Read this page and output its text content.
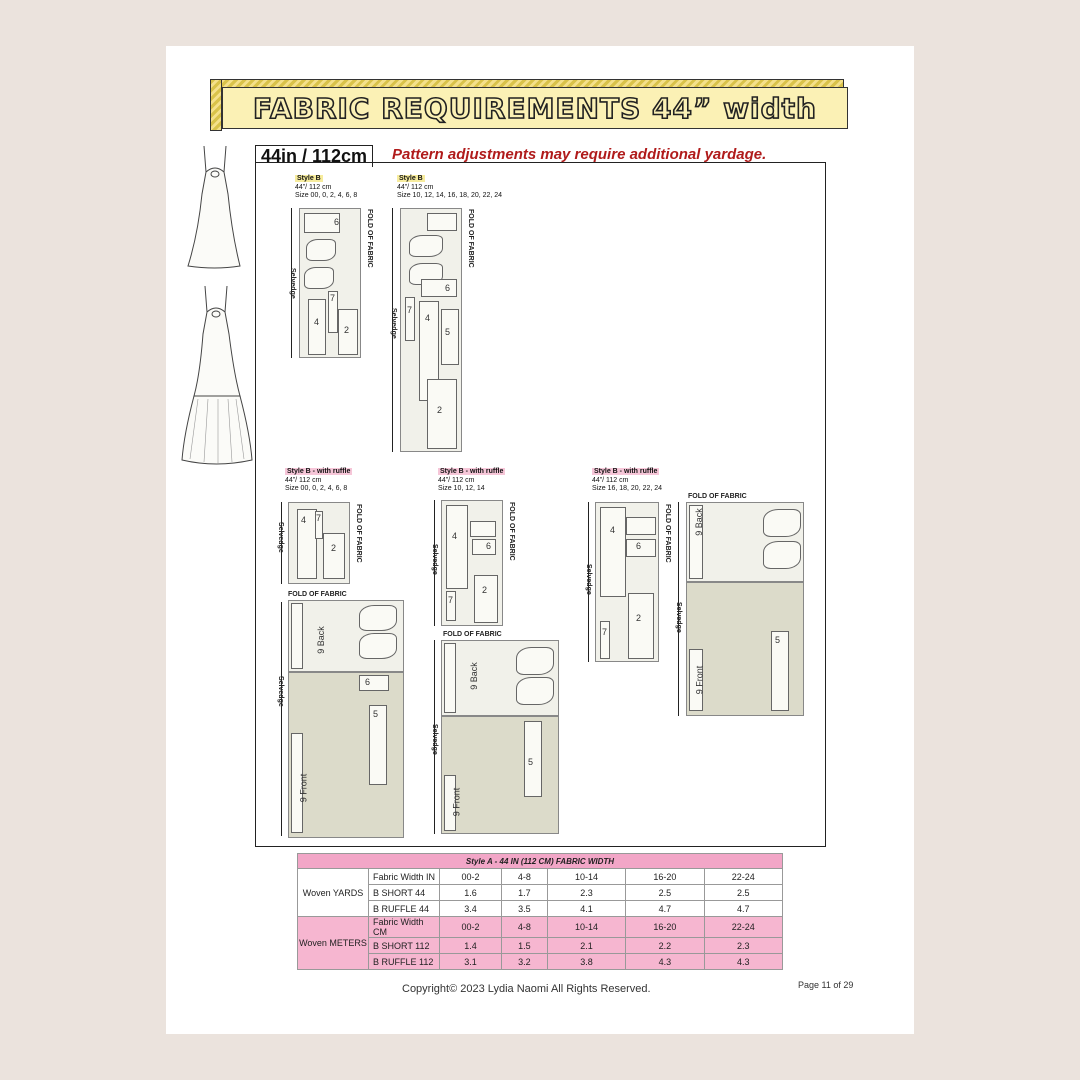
FABRIC REQUIREMENTS 44” width
44in / 112cm	Pattern adjustments may require additional yardage.
Style B
44”/ 112 cm
Size 00, 0, 2, 4, 6, 8
6
7
4
2
FOLD OF FABRIC
Selvedge
Style B
44”/ 112 cm
Size 10, 12, 14, 16, 18, 20, 22, 24
6
7
4
5
2
FOLD OF FABRIC
Selvedge
Style B - with ruffle
44”/ 112 cm
Size 00, 0, 2, 4, 6, 8
4 7
2	FOLD OF FABRIC
Selvedge
FOLD OF FABRIC
9 Back
6
5
9 Front
Selvedge
Style B - with ruffle
44”/ 112 cm
Size 10, 12, 14
4
6
7
2
FOLD OF FABRIC
Selvedge
FOLD OF FABRIC
9 Back
5
9 Front
Selvedge
Style B - with ruffle
44”/ 112 cm
Size 16, 18, 20, 22, 24
4
6
7
2
FOLD OF FABRIC
Selvedge
FOLD OF FABRIC
9 Back
5
9 Front
Selvedge
Style A - 44 IN (112 CM) FABRIC WIDTH						
Woven YARDS	Fabric Width IN	00-2	4-8	10-14	16-20	22-24
	B SHORT 44	1.6	1.7	2.3	2.5	2.5
	B RUFFLE 44	3.4	3.5	4.1	4.7	4.7
Woven METERS	Fabric Width CM	00-2	4-8	10-14	16-20	22-24
	B SHORT 112	1.4	1.5	2.1	2.2	2.3
	B RUFFLE 112	3.1	3.2	3.8	4.3	4.3
Copyright© 2023 Lydia Naomi All Rights Reserved.	Page 11 of 29
